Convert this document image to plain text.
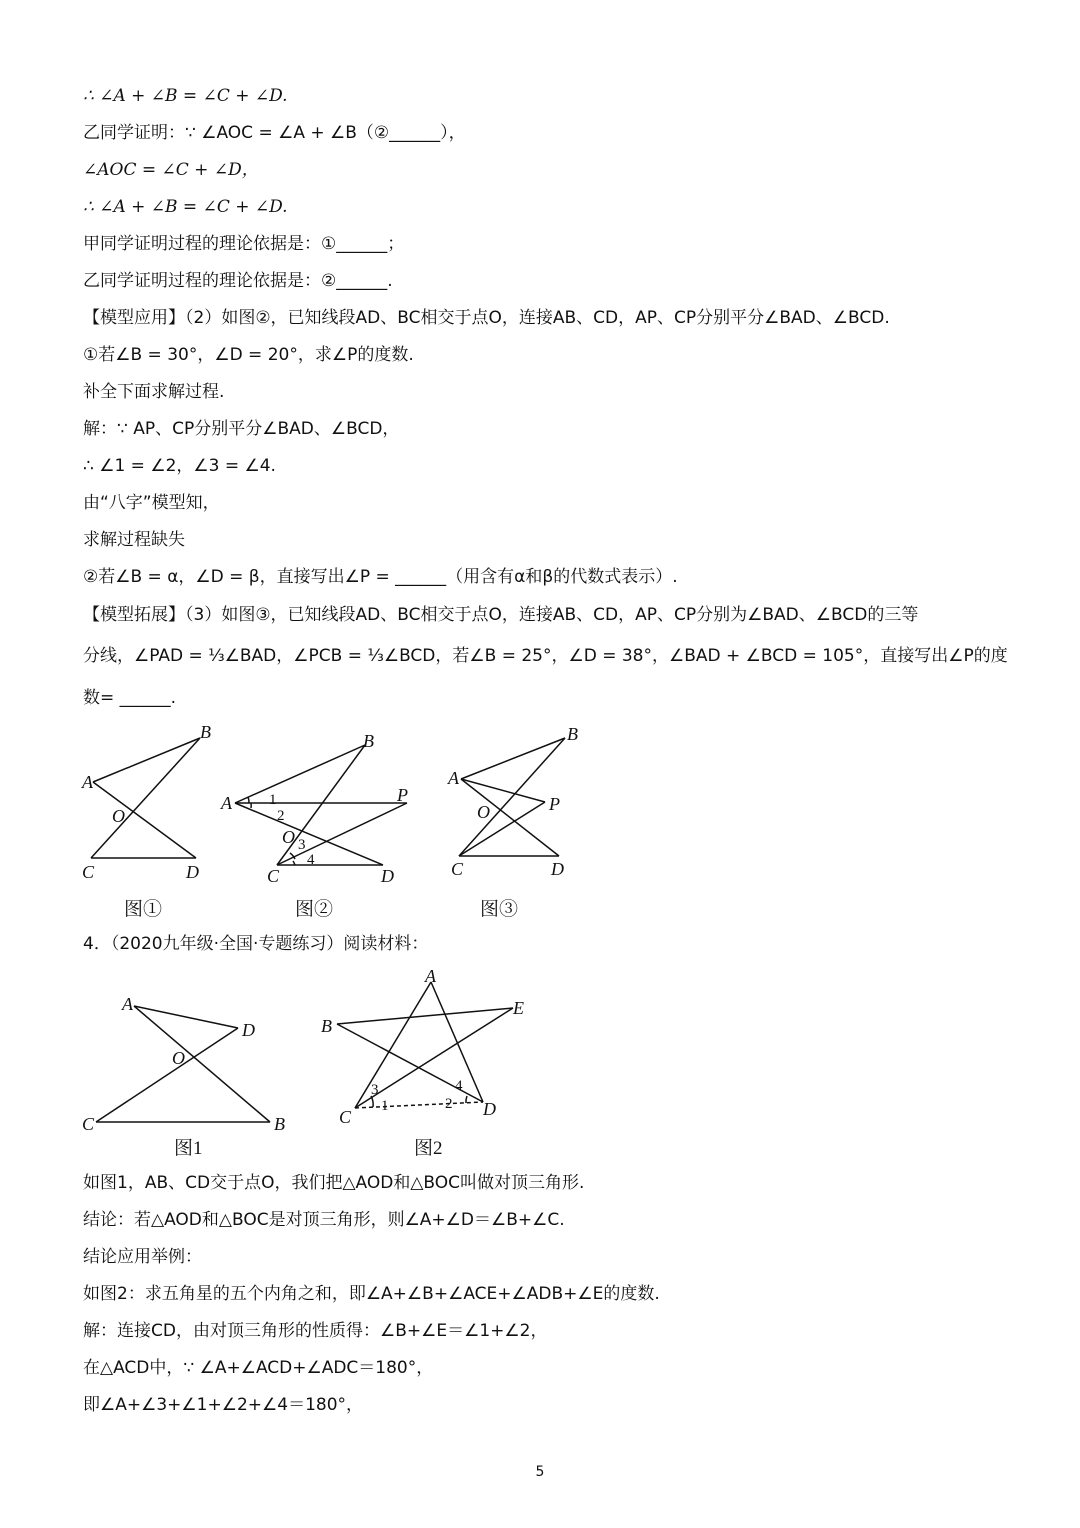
∴ ∠A + ∠B = ∠C + ∠D.
乙同学证明：∵ ∠AOC = ∠A + ∠B（②______），
∠AOC = ∠C + ∠D，
∴ ∠A + ∠B = ∠C + ∠D.
甲同学证明过程的理论依据是：①______；
乙同学证明过程的理论依据是：②______.
【模型应用】（2）如图②，已知线段AD、BC相交于点O，连接AB、CD，AP、CP分别平分∠BAD、∠BCD.
①若∠B = 30°，∠D = 20°，求∠P的度数.
补全下面求解过程.
解：∵ AP、CP分别平分∠BAD、∠BCD，
∴ ∠1 = ∠2，∠3 = ∠4.
由“八字”模型知，
求解过程缺失
②若∠B = α，∠D = β，直接写出∠P = ______（用含有α和β的代数式表示）.
【模型拓展】（3）如图③，已知线段AD、BC相交于点O，连接AB、CD，AP、CP分别为∠BAD、∠BCD的三等
分线，∠PAD = ⅓∠BAD，∠PCB = ⅓∠BCD，若∠B = 25°，∠D = 38°，∠BAD + ∠BCD = 105°，直接写出∠P的度
数= ______.
A
B
O
C	D
图①
A
B
P
O
C	D
1
2
3
4
图②
A
B
O	P
C	D
图③
4．（2020九年级·全国·专题练习）阅读材料：
A
D
O
C	B
图1
A
B
E
C	D
1	2
3	4
图2
如图1，AB、CD交于点O，我们把△AOD和△BOC叫做对顶三角形.
结论：若△AOD和△BOC是对顶三角形，则∠A+∠D＝∠B+∠C.
结论应用举例：
如图2：求五角星的五个内角之和，即∠A+∠B+∠ACE+∠ADB+∠E的度数.
解：连接CD，由对顶三角形的性质得：∠B+∠E＝∠1+∠2，
在△ACD中，∵ ∠A+∠ACD+∠ADC＝180°，
即∠A+∠3+∠1+∠2+∠4＝180°，
5
